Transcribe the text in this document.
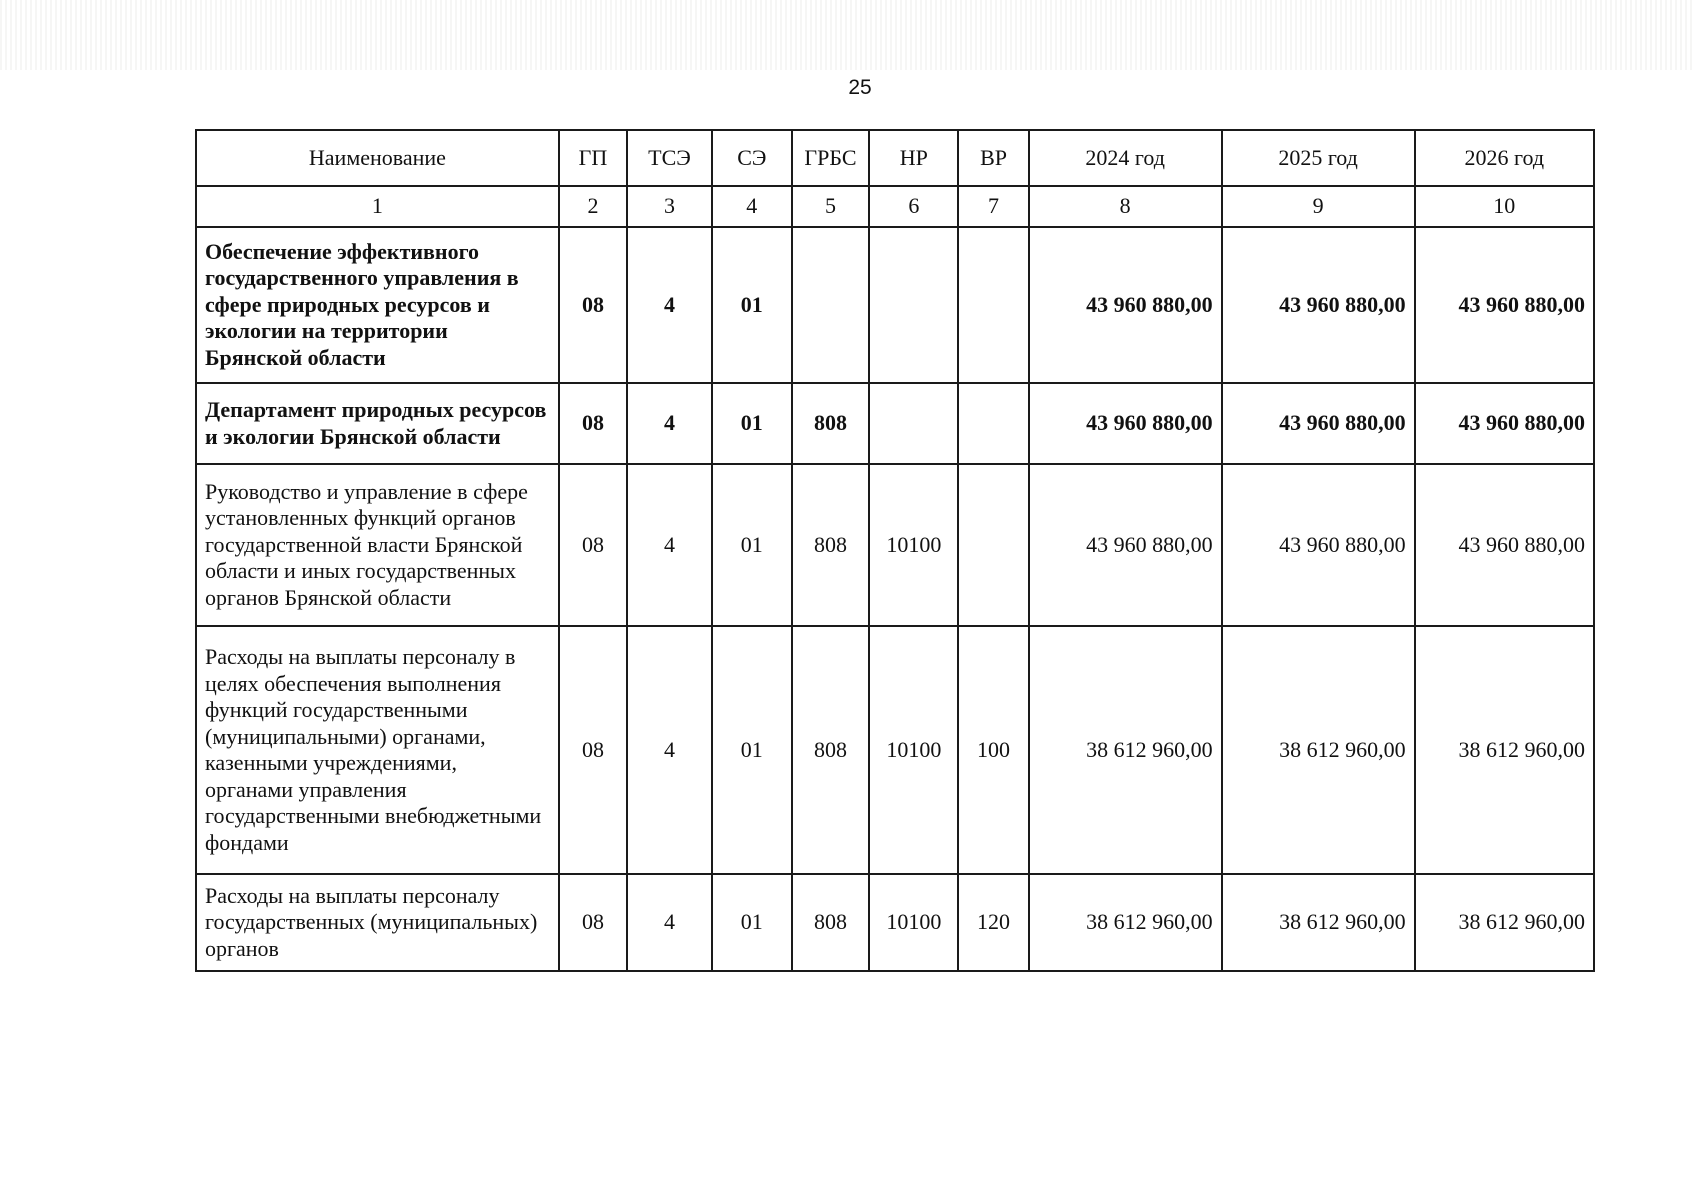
25
Наименование	ГП	ТСЭ	СЭ	ГРБС	НР	ВР	2024 год	2025 год	2026 год
1	2	3	4	5	6	7	8	9	10
Обеспечение эффективного государственного управления в сфере природных ресурсов и экологии на территории Брянской области	08	4	01				43 960 880,00	43 960 880,00	43 960 880,00
Департамент природных ресурсов и экологии Брянской области	08	4	01	808			43 960 880,00	43 960 880,00	43 960 880,00
Руководство и управление в сфере установленных функций органов государственной власти Брянской области и иных государственных органов Брянской области	08	4	01	808	10100		43 960 880,00	43 960 880,00	43 960 880,00
Расходы на выплаты персоналу в целях обеспечения выполнения функций государственными (муниципальными) органами, казенными учреждениями, органами управления государственными внебюджетными фондами	08	4	01	808	10100	100	38 612 960,00	38 612 960,00	38 612 960,00
Расходы на выплаты персоналу государственных (муниципальных) органов	08	4	01	808	10100	120	38 612 960,00	38 612 960,00	38 612 960,00
